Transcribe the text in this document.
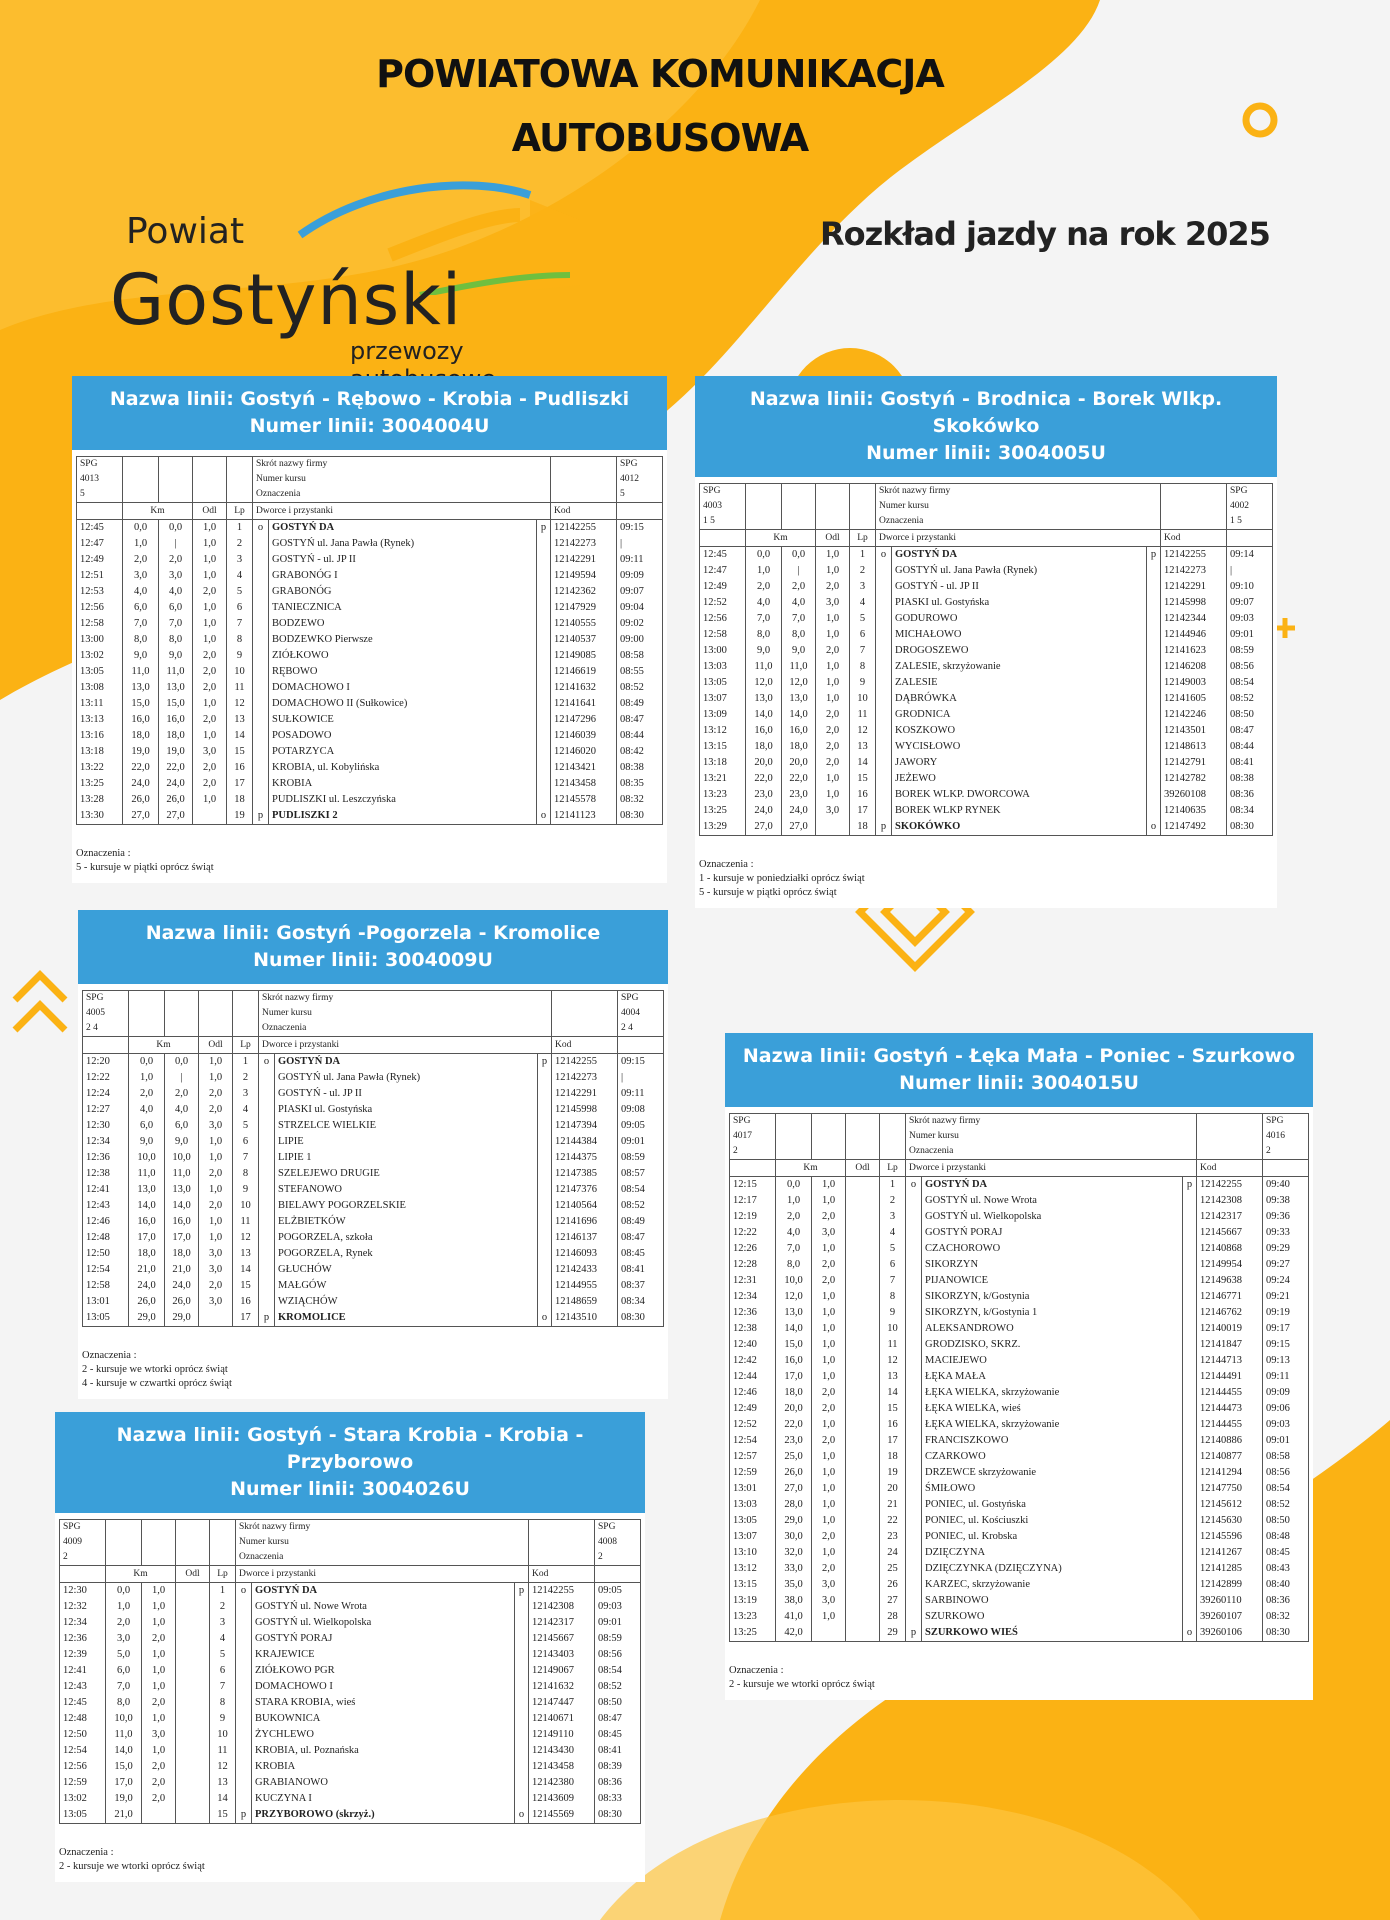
POWIATOWA KOMUNIKACJA
AUTOBUSOWA
Powiat
Gostyński
przewozy
Rozkład jazdy na rok 2025
Nazwa linii: Gostyń - Rębowo - Krobia - Pudliszki
Numer linii: 3004004U
SPG					Skrót nazwy firmy				SPG
4013					Numer kursu				4012
5					Oznaczenia				5
	Km		Odl	Lp	Dworce i przystanki			Kod	
12:45	0,0	0,0	1,0	1	o	GOSTYŃ DA	p	12142255	09:15
12:47	1,0	|	1,0	2		GOSTYŃ ul. Jana Pawła (Rynek)		12142273	|
12:49	2,0	2,0	1,0	3		GOSTYŃ - ul. JP II		12142291	09:11
12:51	3,0	3,0	1,0	4		GRABONÓG I		12149594	09:09
12:53	4,0	4,0	2,0	5		GRABONÓG		12142362	09:07
12:56	6,0	6,0	1,0	6		TANIECZNICA		12147929	09:04
12:58	7,0	7,0	1,0	7		BODZEWO		12140555	09:02
13:00	8,0	8,0	1,0	8		BODZEWKO Pierwsze		12140537	09:00
13:02	9,0	9,0	2,0	9		ZIÓŁKOWO		12149085	08:58
13:05	11,0	11,0	2,0	10		RĘBOWO		12146619	08:55
13:08	13,0	13,0	2,0	11		DOMACHOWO I		12141632	08:52
13:11	15,0	15,0	1,0	12		DOMACHOWO II (Sułkowice)		12141641	08:49
13:13	16,0	16,0	2,0	13		SUŁKOWICE		12147296	08:47
13:16	18,0	18,0	1,0	14		POSADOWO		12146039	08:44
13:18	19,0	19,0	3,0	15		POTARZYCA		12146020	08:42
13:22	22,0	22,0	2,0	16		KROBIA, ul. Kobylińska		12143421	08:38
13:25	24,0	24,0	2,0	17		KROBIA		12143458	08:35
13:28	26,0	26,0	1,0	18		PUDLISZKI ul. Leszczyńska		12145578	08:32
13:30	27,0	27,0		19	p	PUDLISZKI 2	o	12141123	08:30
Oznaczenia :
5 - kursuje w piątki oprócz świąt
Nazwa linii: Gostyń - Brodnica - Borek Wlkp. Skokówko
Numer linii: 3004005U
SPG					Skrót nazwy firmy				SPG
4003					Numer kursu				4002
1 5					Oznaczenia				1 5
	Km		Odl	Lp	Dworce i przystanki			Kod	
12:45	0,0	0,0	1,0	1	o	GOSTYŃ DA	p	12142255	09:14
12:47	1,0	|	1,0	2		GOSTYŃ ul. Jana Pawła (Rynek)		12142273	|
12:49	2,0	2,0	2,0	3		GOSTYŃ - ul. JP II		12142291	09:10
12:52	4,0	4,0	3,0	4		PIASKI ul. Gostyńska		12145998	09:07
12:56	7,0	7,0	1,0	5		GODUROWO		12142344	09:03
12:58	8,0	8,0	1,0	6		MICHAŁOWO		12144946	09:01
13:00	9,0	9,0	2,0	7		DROGOSZEWO		12141623	08:59
13:03	11,0	11,0	1,0	8		ZALESIE, skrzyżowanie		12146208	08:56
13:05	12,0	12,0	1,0	9		ZALESIE		12149003	08:54
13:07	13,0	13,0	1,0	10		DĄBRÓWKA		12141605	08:52
13:09	14,0	14,0	2,0	11		GRODNICA		12142246	08:50
13:12	16,0	16,0	2,0	12		KOSZKOWO		12143501	08:47
13:15	18,0	18,0	2,0	13		WYCISŁOWO		12148613	08:44
13:18	20,0	20,0	2,0	14		JAWORY		12142791	08:41
13:21	22,0	22,0	1,0	15		JEŻEWO		12142782	08:38
13:23	23,0	23,0	1,0	16		BOREK WLKP. DWORCOWA		39260108	08:36
13:25	24,0	24,0	3,0	17		BOREK WLKP RYNEK		12140635	08:34
13:29	27,0	27,0		18	p	SKOKÓWKO	o	12147492	08:30
Oznaczenia :
1 - kursuje w poniedziałki oprócz świąt
5 - kursuje w piątki oprócz świąt
Nazwa linii: Gostyń -Pogorzela - Kromolice
Numer linii: 3004009U
SPG					Skrót nazwy firmy				SPG
4005					Numer kursu				4004
2 4					Oznaczenia				2 4
	Km		Odl	Lp	Dworce i przystanki			Kod	
12:20	0,0	0,0	1,0	1	o	GOSTYŃ DA	p	12142255	09:15
12:22	1,0	|	1,0	2		GOSTYŃ ul. Jana Pawła (Rynek)		12142273	|
12:24	2,0	2,0	2,0	3		GOSTYŃ - ul. JP II		12142291	09:11
12:27	4,0	4,0	2,0	4		PIASKI ul. Gostyńska		12145998	09:08
12:30	6,0	6,0	3,0	5		STRZELCE WIELKIE		12147394	09:05
12:34	9,0	9,0	1,0	6		LIPIE		12144384	09:01
12:36	10,0	10,0	1,0	7		LIPIE 1		12144375	08:59
12:38	11,0	11,0	2,0	8		SZELEJEWO DRUGIE		12147385	08:57
12:41	13,0	13,0	1,0	9		STEFANOWO		12147376	08:54
12:43	14,0	14,0	2,0	10		BIELAWY POGORZELSKIE		12140564	08:52
12:46	16,0	16,0	1,0	11		ELŻBIETKÓW		12141696	08:49
12:48	17,0	17,0	1,0	12		POGORZELA, szkoła		12146137	08:47
12:50	18,0	18,0	3,0	13		POGORZELA, Rynek		12146093	08:45
12:54	21,0	21,0	3,0	14		GŁUCHÓW		12142433	08:41
12:58	24,0	24,0	2,0	15		MAŁGÓW		12144955	08:37
13:01	26,0	26,0	3,0	16		WZIĄCHÓW		12148659	08:34
13:05	29,0	29,0		17	p	KROMOLICE	o	12143510	08:30
Oznaczenia :
2 - kursuje we wtorki oprócz świąt
4 - kursuje w czwartki oprócz świąt
Nazwa linii: Gostyń - Stara Krobia - Krobia - Przyborowo
Numer linii: 3004026U
SPG					Skrót nazwy firmy				SPG
4009					Numer kursu				4008
2					Oznaczenia				2
	Km		Odl	Lp	Dworce i przystanki			Kod	
12:30	0,0	1,0		1	o	GOSTYŃ DA	p	12142255	09:05
12:32	1,0	1,0		2		GOSTYŃ ul. Nowe Wrota		12142308	09:03
12:34	2,0	1,0		3		GOSTYŃ ul. Wielkopolska		12142317	09:01
12:36	3,0	2,0		4		GOSTYŃ PORAJ		12145667	08:59
12:39	5,0	1,0		5		KRAJEWICE		12143403	08:56
12:41	6,0	1,0		6		ZIÓŁKOWO PGR		12149067	08:54
12:43	7,0	1,0		7		DOMACHOWO I		12141632	08:52
12:45	8,0	2,0		8		STARA KROBIA, wieś		12147447	08:50
12:48	10,0	1,0		9		BUKOWNICA		12140671	08:47
12:50	11,0	3,0		10		ŻYCHLEWO		12149110	08:45
12:54	14,0	1,0		11		KROBIA, ul. Poznańska		12143430	08:41
12:56	15,0	2,0		12		KROBIA		12143458	08:39
12:59	17,0	2,0		13		GRABIANOWO		12142380	08:36
13:02	19,0	2,0		14		KUCZYNA I		12143609	08:33
13:05	21,0			15	p	PRZYBOROWO (skrzyż.)	o	12145569	08:30
Oznaczenia :
2 - kursuje we wtorki oprócz świąt
Nazwa linii: Gostyń - Łęka Mała - Poniec - Szurkowo
Numer linii: 3004015U
SPG					Skrót nazwy firmy				SPG
4017					Numer kursu				4016
2					Oznaczenia				2
	Km		Odl	Lp	Dworce i przystanki			Kod	
12:15	0,0	1,0		1	o	GOSTYŃ DA	p	12142255	09:40
12:17	1,0	1,0		2		GOSTYŃ ul. Nowe Wrota		12142308	09:38
12:19	2,0	2,0		3		GOSTYŃ ul. Wielkopolska		12142317	09:36
12:22	4,0	3,0		4		GOSTYŃ PORAJ		12145667	09:33
12:26	7,0	1,0		5		CZACHOROWO		12140868	09:29
12:28	8,0	2,0		6		SIKORZYN		12149954	09:27
12:31	10,0	2,0		7		PIJANOWICE		12149638	09:24
12:34	12,0	1,0		8		SIKORZYN, k/Gostynia		12146771	09:21
12:36	13,0	1,0		9		SIKORZYN, k/Gostynia 1		12146762	09:19
12:38	14,0	1,0		10		ALEKSANDROWO		12140019	09:17
12:40	15,0	1,0		11		GRODZISKO, SKRZ.		12141847	09:15
12:42	16,0	1,0		12		MACIEJEWO		12144713	09:13
12:44	17,0	1,0		13		ŁĘKA MAŁA		12144491	09:11
12:46	18,0	2,0		14		ŁĘKA WIELKA, skrzyżowanie		12144455	09:09
12:49	20,0	2,0		15		ŁĘKA WIELKA, wieś		12144473	09:06
12:52	22,0	1,0		16		ŁĘKA WIELKA, skrzyżowanie		12144455	09:03
12:54	23,0	2,0		17		FRANCISZKOWO		12140886	09:01
12:57	25,0	1,0		18		CZARKOWO		12140877	08:58
12:59	26,0	1,0		19		DRZEWCE skrzyżowanie		12141294	08:56
13:01	27,0	1,0		20		ŚMIŁOWO		12147750	08:54
13:03	28,0	1,0		21		PONIEC, ul. Gostyńska		12145612	08:52
13:05	29,0	1,0		22		PONIEC, ul. Kościuszki		12145630	08:50
13:07	30,0	2,0		23		PONIEC, ul. Krobska		12145596	08:48
13:10	32,0	1,0		24		DZIĘCZYNA		12141267	08:45
13:12	33,0	2,0		25		DZIĘCZYNKA (DZIĘCZYNA)		12141285	08:43
13:15	35,0	3,0		26		KARZEC, skrzyżowanie		12142899	08:40
13:19	38,0	3,0		27		SARBINOWO		39260110	08:36
13:23	41,0	1,0		28		SZURKOWO		39260107	08:32
13:25	42,0			29	p	SZURKOWO WIEŚ	o	39260106	08:30
Oznaczenia :
2 - kursuje we wtorki oprócz świąt
